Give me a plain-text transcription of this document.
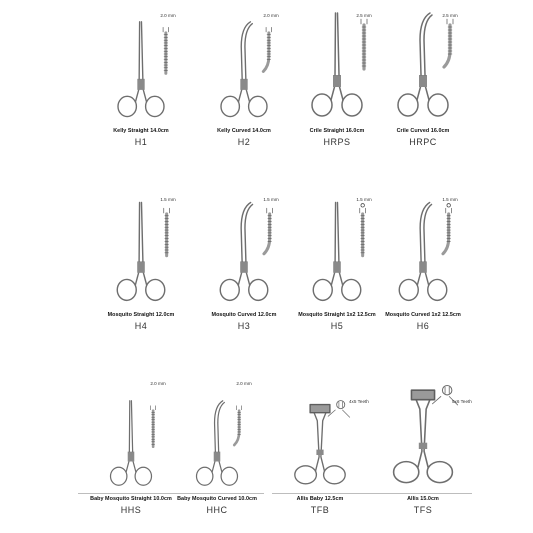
2.0 mm
Kelly Straight 14.0cm
H1
2.0 mm
Kelly Curved 14.0cm
H2
2.5 mm
Crile Straight 16.0cm
HRPS
2.5 mm
Crile Curved 16.0cm
HRPC
1.5 mm
Mosquito Straight 12.0cm
H4
1.5 mm
Mosquito Curved 12.0cm
H3
1.5 mm
Mosquito Straight 1x2 12.5cm
H5
1.5 mm
Mosquito Curved 1x2 12.5cm
H6
2.0 mm
Baby Mosquito Straight 10.0cm
HHS
2.0 mm
Baby Mosquito Curved 10.0cm
HHC
4x5 Teeth
Allis Baby 12.5cm
TFB
5x6 Teeth
Allis 15.0cm
TFS
